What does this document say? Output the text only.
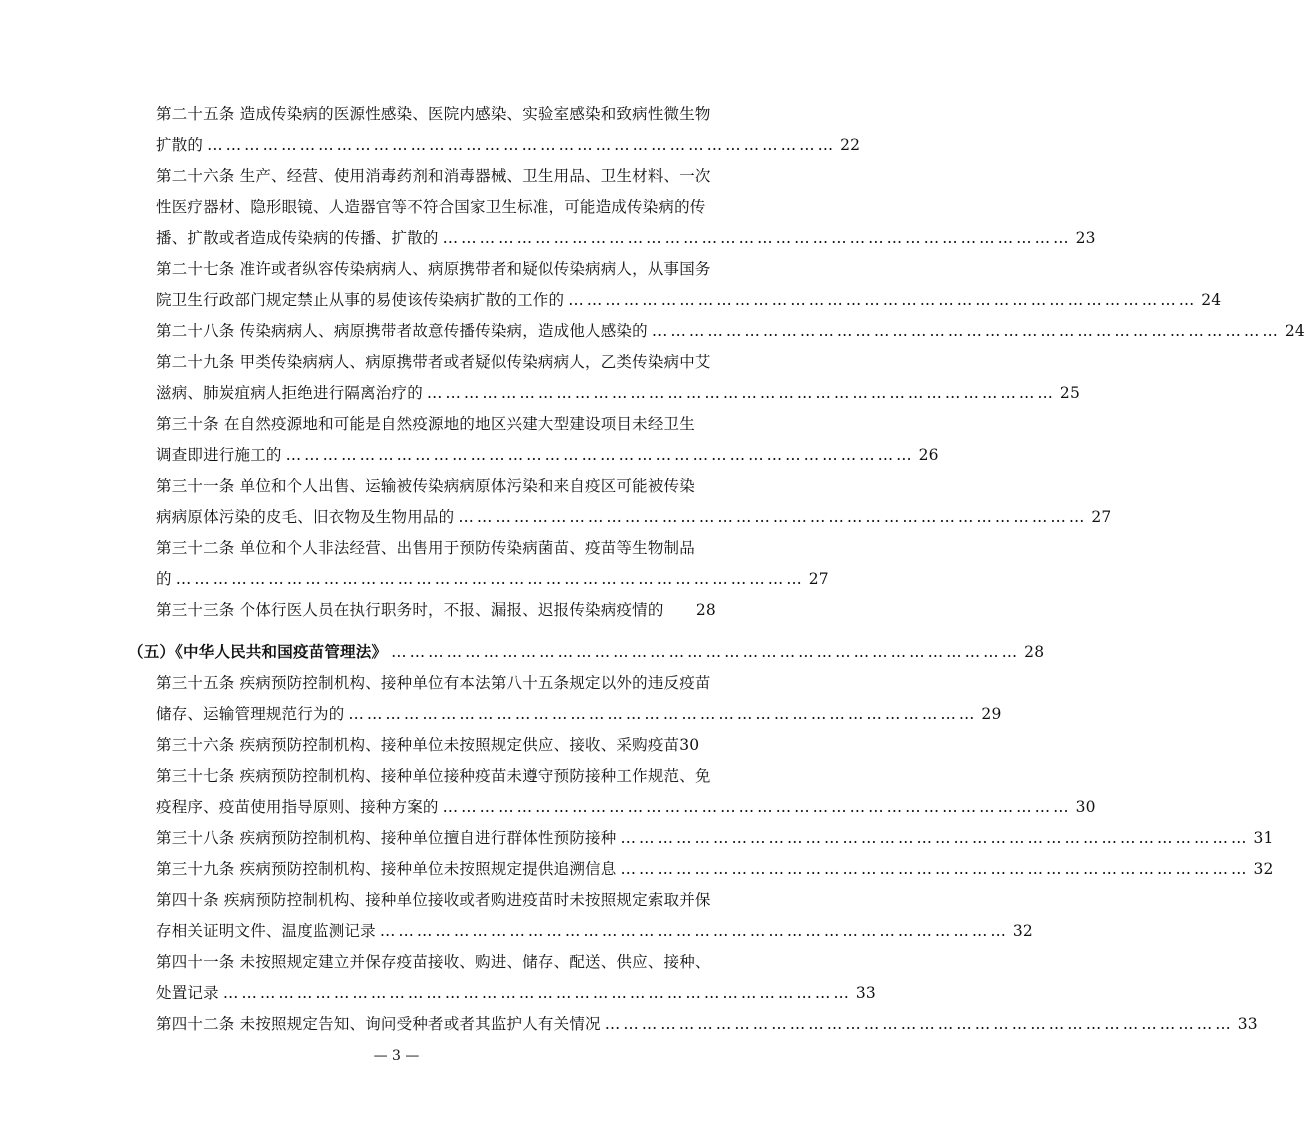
第二十五条 造成传染病的医源性感染、医院内感染、实验室感染和致病性微生物
扩散的 ………………………………………………………………………………………… 22
第二十六条 生产、经营、使用消毒药剂和消毒器械、卫生用品、卫生材料、一次
性医疗器材、隐形眼镜、人造器官等不符合国家卫生标准，可能造成传染病的传
播、扩散或者造成传染病的传播、扩散的 ………………………………………………………………………………………… 23
第二十七条 准许或者纵容传染病病人、病原携带者和疑似传染病病人，从事国务
院卫生行政部门规定禁止从事的易使该传染病扩散的工作的 ………………………………………………………………………………………… 24
第二十八条 传染病病人、病原携带者故意传播传染病，造成他人感染的 ………………………………………………………………………………………… 24
第二十九条 甲类传染病病人、病原携带者或者疑似传染病病人，乙类传染病中艾
滋病、肺炭疽病人拒绝进行隔离治疗的 ………………………………………………………………………………………… 25
第三十条 在自然疫源地和可能是自然疫源地的地区兴建大型建设项目未经卫生
调查即进行施工的 ………………………………………………………………………………………… 26
第三十一条 单位和个人出售、运输被传染病病原体污染和来自疫区可能被传染
病病原体污染的皮毛、旧衣物及生物用品的 ………………………………………………………………………………………… 27
第三十二条 单位和个人非法经营、出售用于预防传染病菌苗、疫苗等生物制品
的 ………………………………………………………………………………………… 27
第三十三条 个体行医人员在执行职务时，不报、漏报、迟报传染病疫情的 28
（五）《中华人民共和国疫苗管理法》 ………………………………………………………………………………………… 28
第三十五条 疾病预防控制机构、接种单位有本法第八十五条规定以外的违反疫苗
储存、运输管理规范行为的 ………………………………………………………………………………………… 29
第三十六条 疾病预防控制机构、接种单位未按照规定供应、接收、采购疫苗30
第三十七条 疾病预防控制机构、接种单位接种疫苗未遵守预防接种工作规范、免
疫程序、疫苗使用指导原则、接种方案的 ………………………………………………………………………………………… 30
第三十八条 疾病预防控制机构、接种单位擅自进行群体性预防接种 ………………………………………………………………………………………… 31
第三十九条 疾病预防控制机构、接种单位未按照规定提供追溯信息 ………………………………………………………………………………………… 32
第四十条 疾病预防控制机构、接种单位接收或者购进疫苗时未按照规定索取并保
存相关证明文件、温度监测记录 ………………………………………………………………………………………… 32
第四十一条 未按照规定建立并保存疫苗接收、购进、储存、配送、供应、接种、
处置记录 ………………………………………………………………………………………… 33
第四十二条 未按照规定告知、询问受种者或者其监护人有关情况 ………………………………………………………………………………………… 33
— 3 —
